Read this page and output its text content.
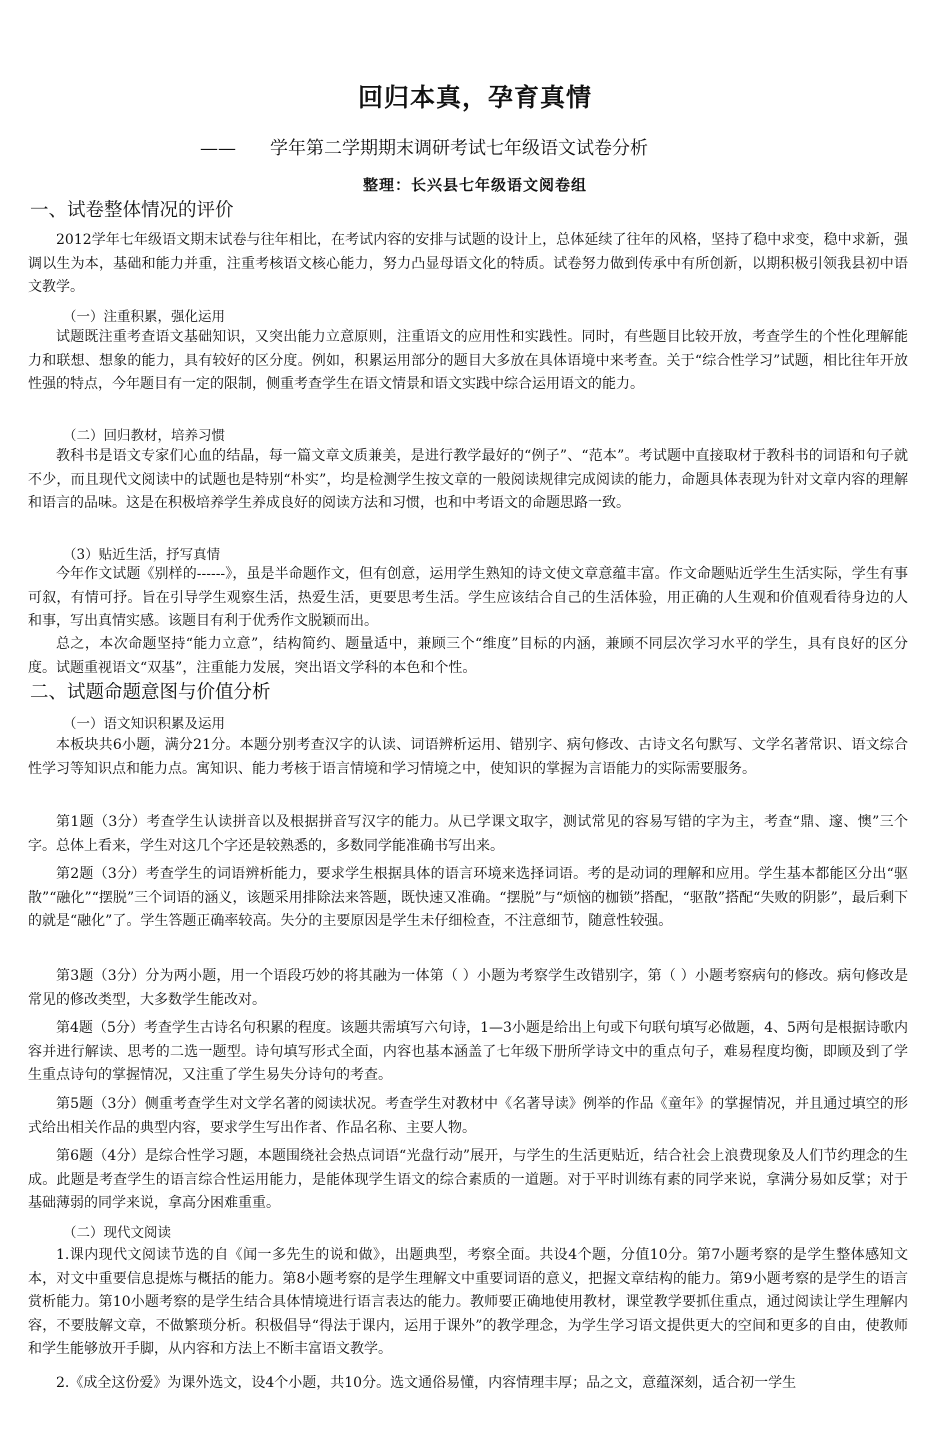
回归本真，孕育真情
—— 学年第二学期期末调研考试七年级语文试卷分析
整理：长兴县七年级语文阅卷组
一、试卷整体情况的评价

2012学年七年级语文期末试卷与往年相比，在考试内容的安排与试题的设计上，总体延续了往年的风格，坚持了稳中求变，稳中求新，强调以生为本，基础和能力并重，注重考核语文核心能力，努力凸显母语文化的特质。试卷努力做到传承中有所创新，以期积极引领我县初中语文教学。

（一）注重积累，强化运用

试题既注重考查语文基础知识，又突出能力立意原则，注重语文的应用性和实践性。同时，有些题目比较开放，考查学生的个性化理解能力和联想、想象的能力，具有较好的区分度。例如，积累运用部分的题目大多放在具体语境中来考查。关于“综合性学习”试题，相比往年开放性强的特点，今年题目有一定的限制，侧重考查学生在语文情景和语文实践中综合运用语文的能力。

（二）回归教材，培养习惯

教科书是语文专家们心血的结晶，每一篇文章文质兼美，是进行教学最好的“例子”、“范本”。考试题中直接取材于教科书的词语和句子就不少，而且现代文阅读中的试题也是特别“朴实”，均是检测学生按文章的一般阅读规律完成阅读的能力，命题具体表现为针对文章内容的理解和语言的品味。这是在积极培养学生养成良好的阅读方法和习惯，也和中考语文的命题思路一致。

（3）贴近生活，抒写真情

今年作文试题《别样的------》，虽是半命题作文，但有创意，运用学生熟知的诗文使文章意蕴丰富。作文命题贴近学生生活实际，学生有事可叙，有情可抒。旨在引导学生观察生活，热爱生活，更要思考生活。学生应该结合自己的生活体验，用正确的人生观和价值观看待身边的人和事，写出真情实感。该题目有利于优秀作文脱颖而出。

总之，本次命题坚持“能力立意”，结构简约、题量适中，兼顾三个“维度”目标的内涵，兼顾不同层次学习水平的学生，具有良好的区分度。试题重视语文“双基”，注重能力发展，突出语文学科的本色和个性。

二、试题命题意图与价值分析
（一）语文知识积累及运用

本板块共6小题，满分21分。本题分别考查汉字的认读、词语辨析运用、错别字、病句修改、古诗文名句默写、文学名著常识、语文综合性学习等知识点和能力点。寓知识、能力考核于语言情境和学习情境之中，使知识的掌握为言语能力的实际需要服务。

第1题（3分）考查学生认读拼音以及根据拼音写汉字的能力。从已学课文取字，测试常见的容易写错的字为主，考查“鼎、邃、懊”三个字。总体上看来，学生对这几个字还是较熟悉的，多数同学能准确书写出来。

第2题（3分）考查学生的词语辨析能力，要求学生根据具体的语言环境来选择词语。考的是动词的理解和应用。学生基本都能区分出“驱散”“融化”“摆脱”三个词语的涵义，该题采用排除法来答题，既快速又准确。“摆脱”与“烦恼的枷锁”搭配，“驱散”搭配“失败的阴影”，最后剩下的就是“融化”了。学生答题正确率较高。失分的主要原因是学生未仔细检查，不注意细节，随意性较强。

第3题（3分）分为两小题，用一个语段巧妙的将其融为一体第（ ）小题为考察学生改错别字，第（ ）小题考察病句的修改。病句修改是常见的修改类型，大多数学生能改对。

第4题（5分）考查学生古诗名句积累的程度。该题共需填写六句诗，1—3小题是给出上句或下句联句填写必做题，4、5两句是根据诗歌内容并进行解读、思考的二选一题型。诗句填写形式全面，内容也基本涵盖了七年级下册所学诗文中的重点句子，难易程度均衡，即顾及到了学生重点诗句的掌握情况，又注重了学生易失分诗句的考查。

第5题（3分）侧重考查学生对文学名著的阅读状况。考查学生对教材中《名著导读》例举的作品《童年》的掌握情况，并且通过填空的形式给出相关作品的典型内容，要求学生写出作者、作品名称、主要人物。

第6题（4分）是综合性学习题，本题围绕社会热点词语“光盘行动”展开，与学生的生活更贴近，结合社会上浪费现象及人们节约理念的生成。此题是考查学生的语言综合性运用能力，是能体现学生语文的综合素质的一道题。对于平时训练有素的同学来说，拿满分易如反掌；对于基础薄弱的同学来说，拿高分困难重重。

（二）现代文阅读

1.课内现代文阅读节选的自《闻一多先生的说和做》，出题典型，考察全面。共设4个题，分值10分。第7小题考察的是学生整体感知文本，对文中重要信息提炼与概括的能力。第8小题考察的是学生理解文中重要词语的意义，把握文章结构的能力。第9小题考察的是学生的语言赏析能力。第10小题考察的是学生结合具体情境进行语言表达的能力。教师要正确地使用教材，课堂教学要抓住重点，通过阅读让学生理解内容，不要肢解文章，不做繁琐分析。积极倡导“得法于课内，运用于课外”的教学理念，为学生学习语文提供更大的空间和更多的自由，使教师和学生能够放开手脚，从内容和方法上不断丰富语文教学。

2.《成全这份爱》为课外选文，设4个小题，共10分。选文通俗易懂，内容情理丰厚；品之文，意蕴深刻，适合初一学生
